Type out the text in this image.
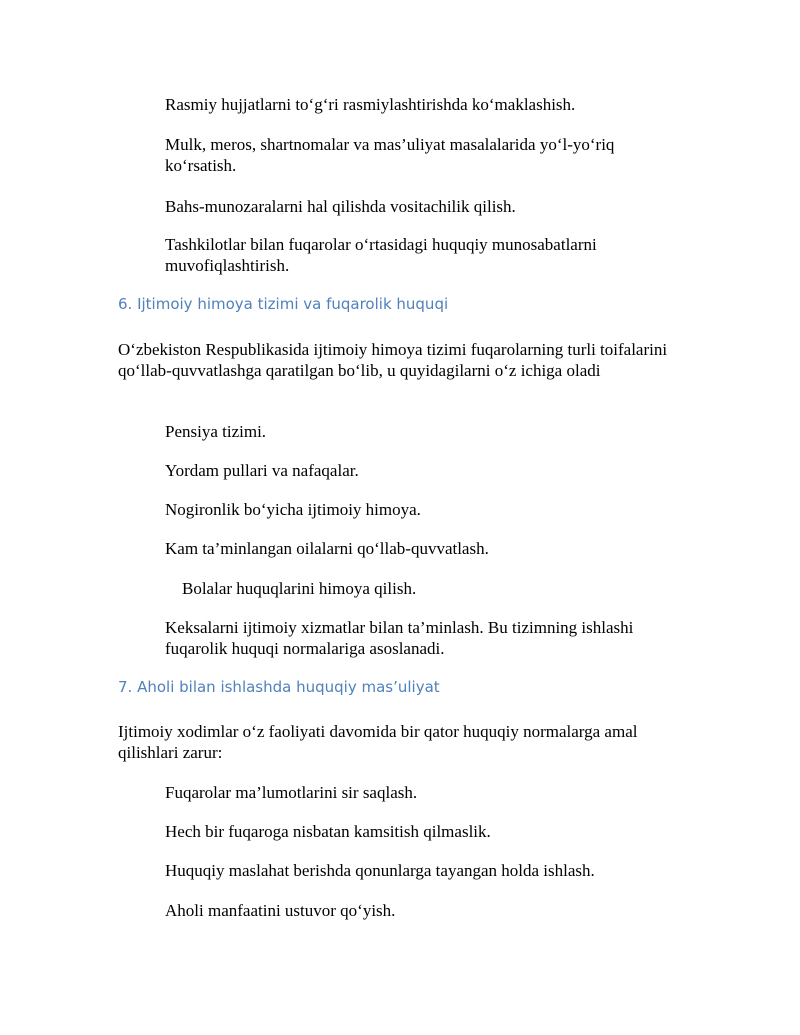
Rasmiy hujjatlarni to‘g‘ri rasmiylashtirishda ko‘maklashish.

Mulk, meros, shartnomalar va mas’uliyat masalalarida yo‘l-yo‘riq ko‘rsatish.

Bahs-munozaralarni hal qilishda vositachilik qilish.

Tashkilotlar bilan fuqarolar o‘rtasidagi huquqiy munosabatlarni muvofiqlashtirish.

6. Ijtimoiy himoya tizimi va fuqarolik huquqi

O‘zbekiston Respublikasida ijtimoiy himoya tizimi fuqarolarning turli toifalarini qo‘llab-quvvatlashga qaratilgan bo‘lib, u quyidagilarni o‘z ichiga oladi

Pensiya tizimi.

Yordam pullari va nafaqalar.

Nogironlik bo‘yicha ijtimoiy himoya.

Kam ta’minlangan oilalarni qo‘llab-quvvatlash.

Bolalar huquqlarini himoya qilish.

Keksalarni ijtimoiy xizmatlar bilan ta’minlash. Bu tizimning ishlashi fuqarolik huquqi normalariga asoslanadi.

7. Aholi bilan ishlashda huquqiy mas’uliyat

Ijtimoiy xodimlar o‘z faoliyati davomida bir qator huquqiy normalarga amal qilishlari zarur:

Fuqarolar ma’lumotlarini sir saqlash.

Hech bir fuqaroga nisbatan kamsitish qilmaslik.

Huquqiy maslahat berishda qonunlarga tayangan holda ishlash.

Aholi manfaatini ustuvor qo‘yish.
